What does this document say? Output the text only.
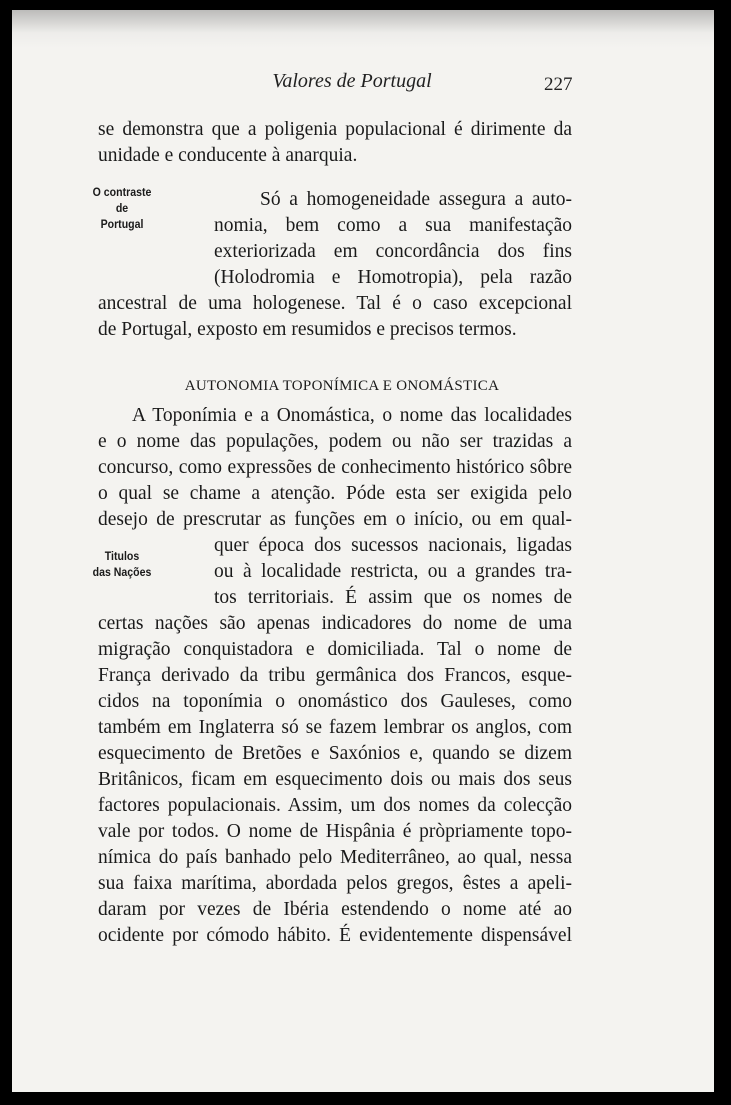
Valores de Portugal	227
se demonstra que a poligenia populacional é dirimente da
unidade e conducente à anarquia.
O contraste
de
Portugal
Só a homogeneidade assegura a auto-
nomia, bem como a sua manifestação
exteriorizada em concordância dos fins
(Holodromia e Homotropia), pela razão
ancestral de uma hologenese. Tal é o caso excepcional
de Portugal, exposto em resumidos e precisos termos.
AUTONOMIA TOPONÍMICA E ONOMÁSTICA
A Toponímia e a Onomástica, o nome das localidades
e o nome das populações, podem ou não ser trazidas a
concurso, como expressões de conhecimento histórico sôbre
o qual se chame a atenção. Póde esta ser exigida pelo
desejo de prescrutar as funções em o início, ou em qual-
Titulos
das Nações
quer época dos sucessos nacionais, ligadas
ou à localidade restricta, ou a grandes tra-
tos territoriais. É assim que os nomes de
certas nações são apenas indicadores do nome de uma
migração conquistadora e domiciliada. Tal o nome de
França derivado da tribu germânica dos Francos, esque-
cidos na toponímia o onomástico dos Gauleses, como
também em Inglaterra só se fazem lembrar os anglos, com
esquecimento de Bretões e Saxónios e, quando se dizem
Britânicos, ficam em esquecimento dois ou mais dos seus
factores populacionais. Assim, um dos nomes da colecção
vale por todos. O nome de Hispânia é pròpriamente topo-
nímica do país banhado pelo Mediterrâneo, ao qual, nessa
sua faixa marítima, abordada pelos gregos, êstes a apeli-
daram por vezes de Ibéria estendendo o nome até ao
ocidente por cómodo hábito. É evidentemente dispensável
